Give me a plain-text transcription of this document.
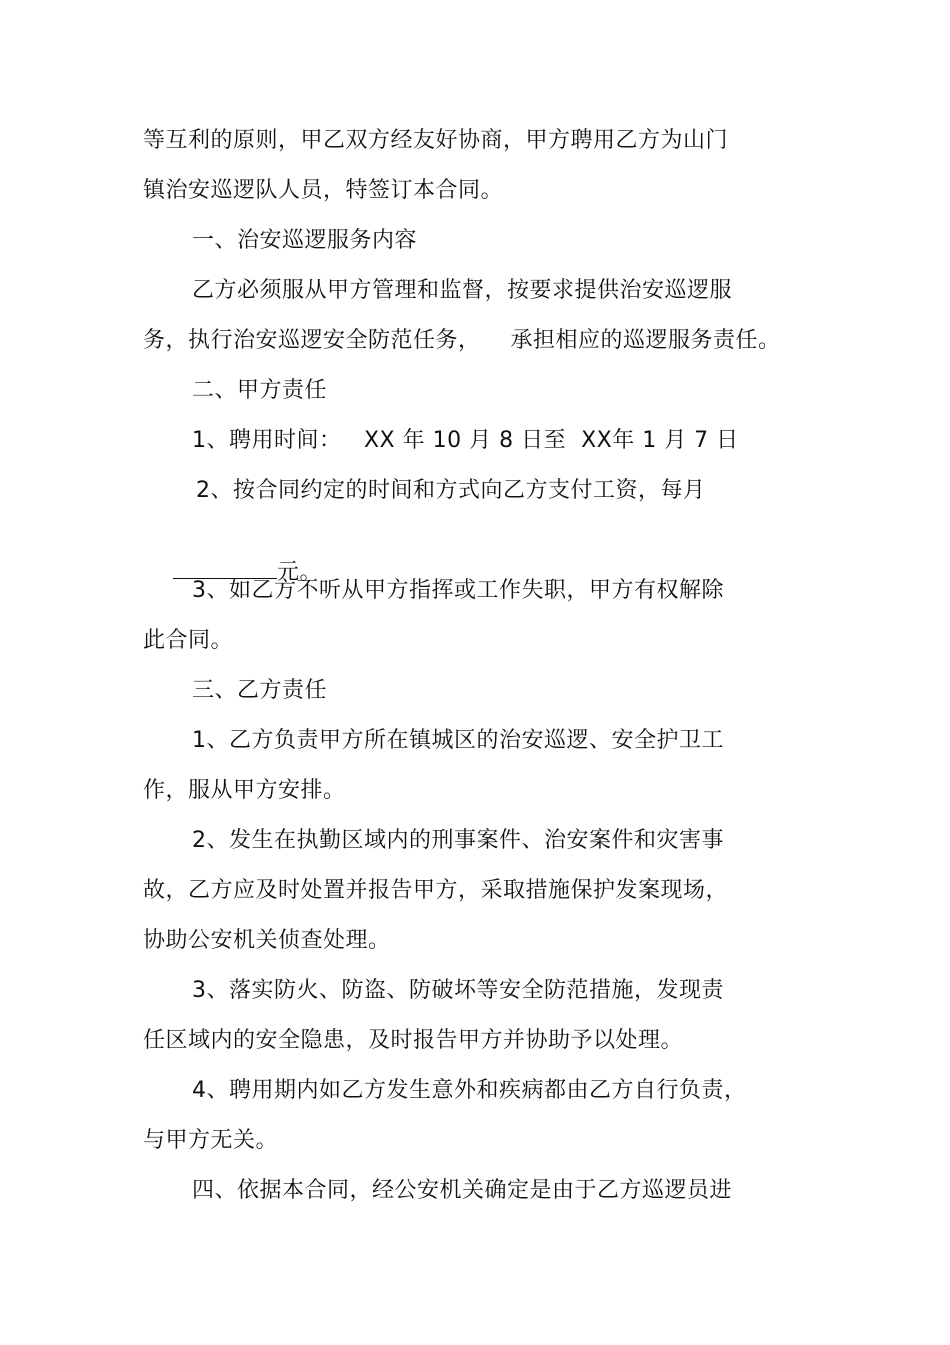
等互利的原则，甲乙双方经友好协商，甲方聘用乙方为山门
镇治安巡逻队人员，特签订本合同。
一、治安巡逻服务内容
乙方必须服从甲方管理和监督，按要求提供治安巡逻服
务，执行治安巡逻安全防范任务，    承担相应的巡逻服务责任。
二、甲方责任
1、聘用时间：   XX 年 10 月 8 日至  XX年 1 月 7 日
2、按合同约定的时间和方式向乙方支付工资，每月

元。

3、如乙方不听从甲方指挥或工作失职，甲方有权解除
此合同。
三、乙方责任
1、乙方负责甲方所在镇城区的治安巡逻、安全护卫工
作，服从甲方安排。
2、发生在执勤区域内的刑事案件、治安案件和灾害事
故，乙方应及时处置并报告甲方，采取措施保护发案现场，
协助公安机关侦查处理。
3、落实防火、防盗、防破坏等安全防范措施，发现责
任区域内的安全隐患，及时报告甲方并协助予以处理。
4、聘用期内如乙方发生意外和疾病都由乙方自行负责，
与甲方无关。
四、依据本合同，经公安机关确定是由于乙方巡逻员进
